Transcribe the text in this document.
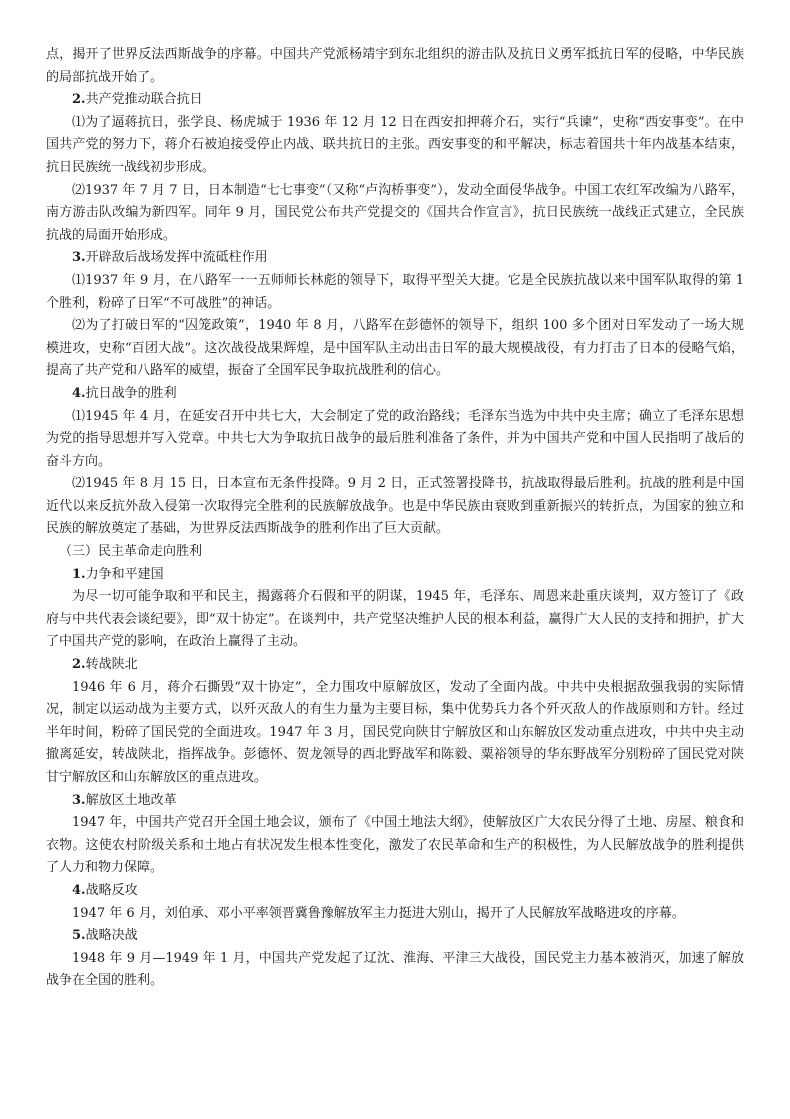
点，揭开了世界反法西斯战争的序幕。中国共产党派杨靖宇到东北组织的游击队及抗日义勇军抵抗日军的侵略，中华民族的局部抗战开始了。

2.共产党推动联合抗日

⑴为了逼蒋抗日，张学良、杨虎城于 1936 年 12 月 12 日在西安扣押蒋介石，实行“兵谏”，史称“西安事变”。在中国共产党的努力下，蒋介石被迫接受停止内战、联共抗日的主张。西安事变的和平解决，标志着国共十年内战基本结束，抗日民族统一战线初步形成。

⑵1937 年 7 月 7 日，日本制造“七七事变”（又称“卢沟桥事变”），发动全面侵华战争。中国工农红军改编为八路军，南方游击队改编为新四军。同年 9 月，国民党公布共产党提交的《国共合作宣言》，抗日民族统一战线正式建立，全民族抗战的局面开始形成。

3.开辟敌后战场发挥中流砥柱作用

⑴1937 年 9 月，在八路军一一五师师长林彪的领导下，取得平型关大捷。它是全民族抗战以来中国军队取得的第 1 个胜利，粉碎了日军“不可战胜”的神话。

⑵为了打破日军的“囚笼政策”，1940 年 8 月，八路军在彭德怀的领导下，组织 100 多个团对日军发动了一场大规模进攻，史称“百团大战”。这次战役战果辉煌，是中国军队主动出击日军的最大规模战役，有力打击了日本的侵略气焰，提高了共产党和八路军的威望，振奋了全国军民争取抗战胜利的信心。

4.抗日战争的胜利

⑴1945 年 4 月，在延安召开中共七大，大会制定了党的政治路线；毛泽东当选为中共中央主席；确立了毛泽东思想为党的指导思想并写入党章。中共七大为争取抗日战争的最后胜利准备了条件，并为中国共产党和中国人民指明了战后的奋斗方向。

⑵1945 年 8 月 15 日，日本宣布无条件投降。9 月 2 日，正式签署投降书，抗战取得最后胜利。抗战的胜利是中国近代以来反抗外敌入侵第一次取得完全胜利的民族解放战争。也是中华民族由衰败到重新振兴的转折点，为国家的独立和民族的解放奠定了基础，为世界反法西斯战争的胜利作出了巨大贡献。

（三）民主革命走向胜利

1.力争和平建国

为尽一切可能争取和平和民主，揭露蒋介石假和平的阴谋，1945 年，毛泽东、周恩来赴重庆谈判，双方签订了《政府与中共代表会谈纪要》，即“双十协定”。在谈判中，共产党坚决维护人民的根本利益，赢得广大人民的支持和拥护，扩大了中国共产党的影响，在政治上赢得了主动。

2.转战陕北

1946 年 6 月，蒋介石撕毁“双十协定”，全力围攻中原解放区，发动了全面内战。中共中央根据敌强我弱的实际情况，制定以运动战为主要方式，以歼灭敌人的有生力量为主要目标，集中优势兵力各个歼灭敌人的作战原则和方针。经过半年时间，粉碎了国民党的全面进攻。1947 年 3 月，国民党向陕甘宁解放区和山东解放区发动重点进攻，中共中央主动撤离延安，转战陕北，指挥战争。彭德怀、贺龙领导的西北野战军和陈毅、粟裕领导的华东野战军分别粉碎了国民党对陕甘宁解放区和山东解放区的重点进攻。

3.解放区土地改革

1947 年，中国共产党召开全国土地会议，颁布了《中国土地法大纲》，使解放区广大农民分得了土地、房屋、粮食和衣物。这使农村阶级关系和土地占有状况发生根本性变化，激发了农民革命和生产的积极性，为人民解放战争的胜利提供了人力和物力保障。

4.战略反攻

1947 年 6 月，刘伯承、邓小平率领晋冀鲁豫解放军主力挺进大别山，揭开了人民解放军战略进攻的序幕。

5.战略决战

1948 年 9 月—1949 年 1 月，中国共产党发起了辽沈、淮海、平津三大战役，国民党主力基本被消灭，加速了解放战争在全国的胜利。
